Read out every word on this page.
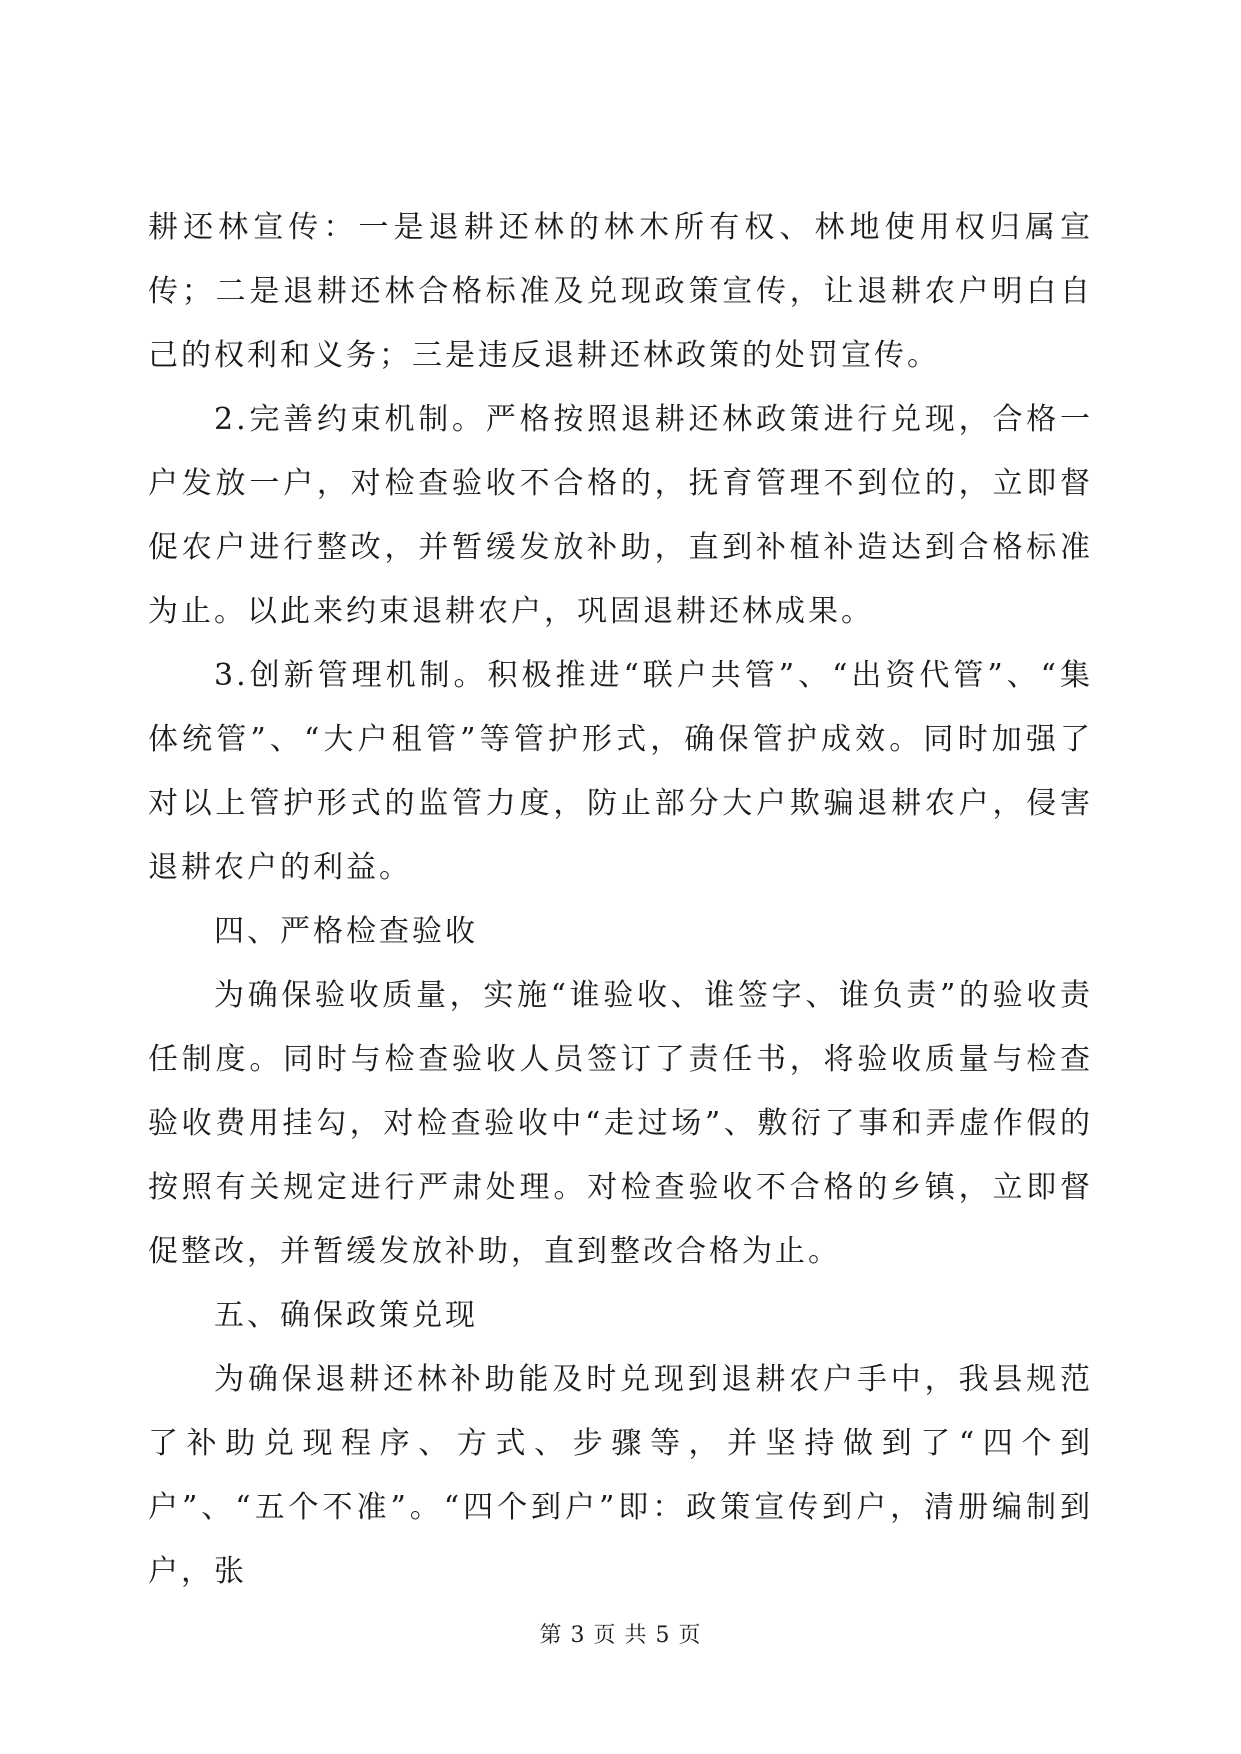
耕还林宣传：一是退耕还林的林木所有权、林地使用权归属宣传；二是退耕还林合格标准及兑现政策宣传，让退耕农户明白自己的权利和义务；三是违反退耕还林政策的处罚宣传。

2.完善约束机制。严格按照退耕还林政策进行兑现，合格一户发放一户，对检查验收不合格的，抚育管理不到位的，立即督促农户进行整改，并暂缓发放补助，直到补植补造达到合格标准为止。以此来约束退耕农户，巩固退耕还林成果。

3.创新管理机制。积极推进“联户共管”、“出资代管”、“集体统管”、“大户租管”等管护形式，确保管护成效。同时加强了对以上管护形式的监管力度，防止部分大户欺骗退耕农户，侵害退耕农户的利益。

四、严格检查验收

为确保验收质量，实施“谁验收、谁签字、谁负责”的验收责任制度。同时与检查验收人员签订了责任书，将验收质量与检查验收费用挂勾，对检查验收中“走过场”、敷衍了事和弄虚作假的按照有关规定进行严肃处理。对检查验收不合格的乡镇，立即督促整改，并暂缓发放补助，直到整改合格为止。

五、确保政策兑现

为确保退耕还林补助能及时兑现到退耕农户手中，我县规范了补助兑现程序、方式、步骤等，并坚持做到了“四个到户”、“五个不准”。“四个到户”即：政策宣传到户，清册编制到户，张

第 3 页 共 5 页
